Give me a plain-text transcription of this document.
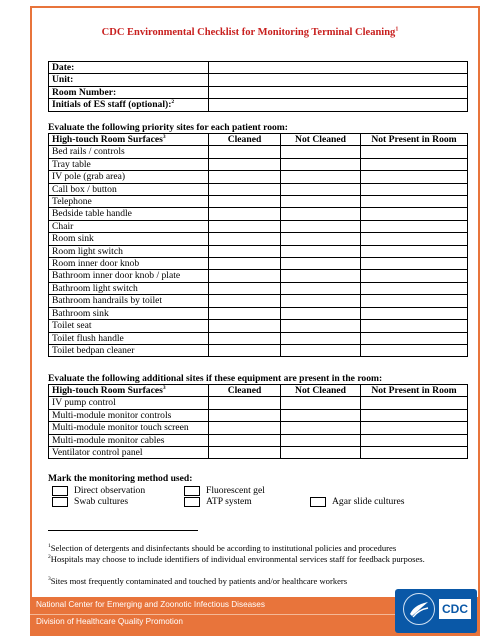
CDC Environmental Checklist for Monitoring Terminal Cleaning$^1$
Date:	
Unit:	
Room Number:	
Initials of ES staff (optional):$^2$	
Evaluate the following priority sites for each patient room:
High-touch Room Surfaces$^3$	Cleaned	Not Cleaned	Not Present in Room
Bed rails / controls			
Tray table			
IV pole (grab area)			
Call box / button			
Telephone			
Bedside table handle			
Chair			
Room sink			
Room light switch			
Room inner door knob			
Bathroom inner door knob / plate			
Bathroom light switch			
Bathroom handrails by toilet			
Bathroom sink			
Toilet seat			
Toilet flush handle			
Toilet bedpan cleaner			
Evaluate the following additional sites if these equipment are present in the room:
High-touch Room Surfaces$^3$	Cleaned	Not Cleaned	Not Present in Room
IV pump control			
Multi-module monitor controls			
Multi-module monitor touch screen			
Multi-module monitor cables			
Ventilator control panel			
Mark the monitoring method used:
Direct observation
Swab cultures
Fluorescent gel
ATP system	Agar slide cultures
$^1$Selection of detergents and disinfectants should be according to institutional policies and procedures
$^2$Hospitals may choose to include identifiers of individual environmental services staff for feedback purposes.
$^3$Sites most frequently contaminated and touched by patients and/or healthcare workers
National Center for Emerging and Zoonotic Infectious Diseases
Division of Healthcare Quality Promotion
CDC
